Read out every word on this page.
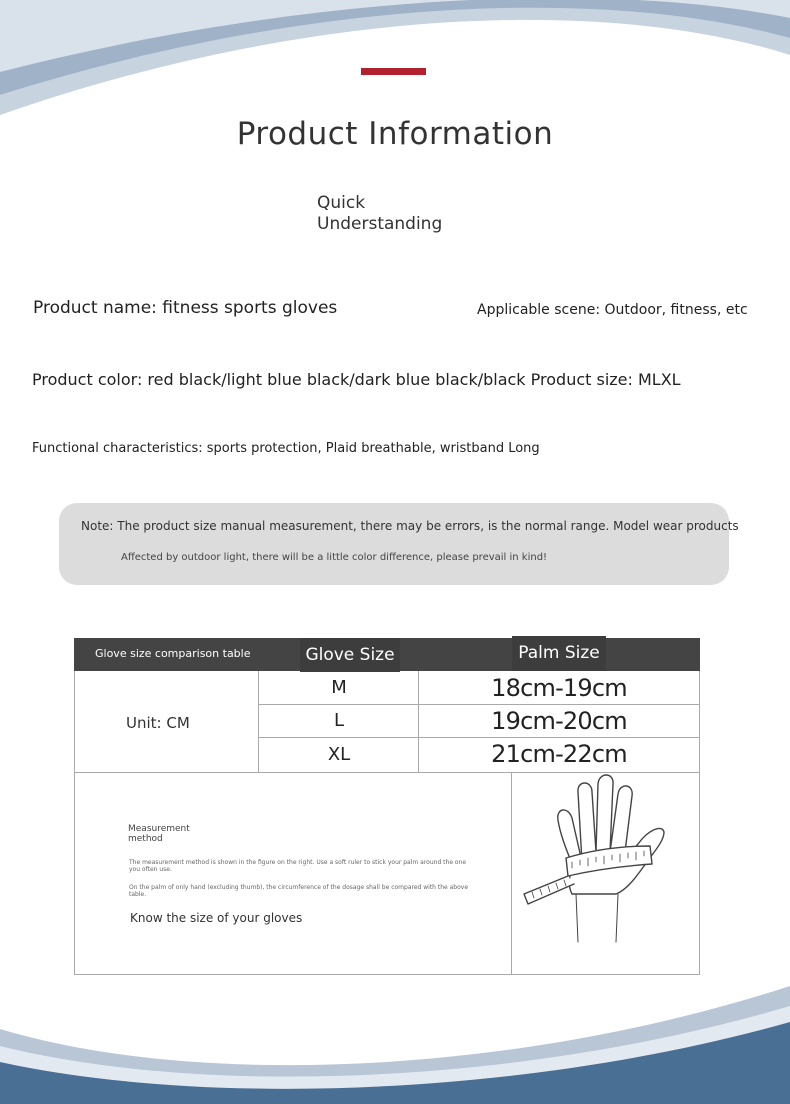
Product Information
Quick Understanding
Product name: fitness sports gloves	Applicable scene: Outdoor, fitness, etc
Product color: red black/light blue black/dark blue black/black Product size: MLXL
Functional characteristics: sports protection, Plaid breathable, wristband Long
Note: The product size manual measurement, there may be errors, is the normal range. Model wear products
Affected by outdoor light, there will be a little color difference, please prevail in kind!
Glove size comparison table	Glove Size	Palm Size
Unit: CM
M	18cm-19cm
L	19cm-20cm
XL	21cm-22cm
Measurement method
The measurement method is shown in the figure on the right. Use a soft ruler to stick your palm around the one you often use.
On the palm of only hand (excluding thumb), the circumference of the dosage shall be compared with the above table.
Know the size of your gloves
